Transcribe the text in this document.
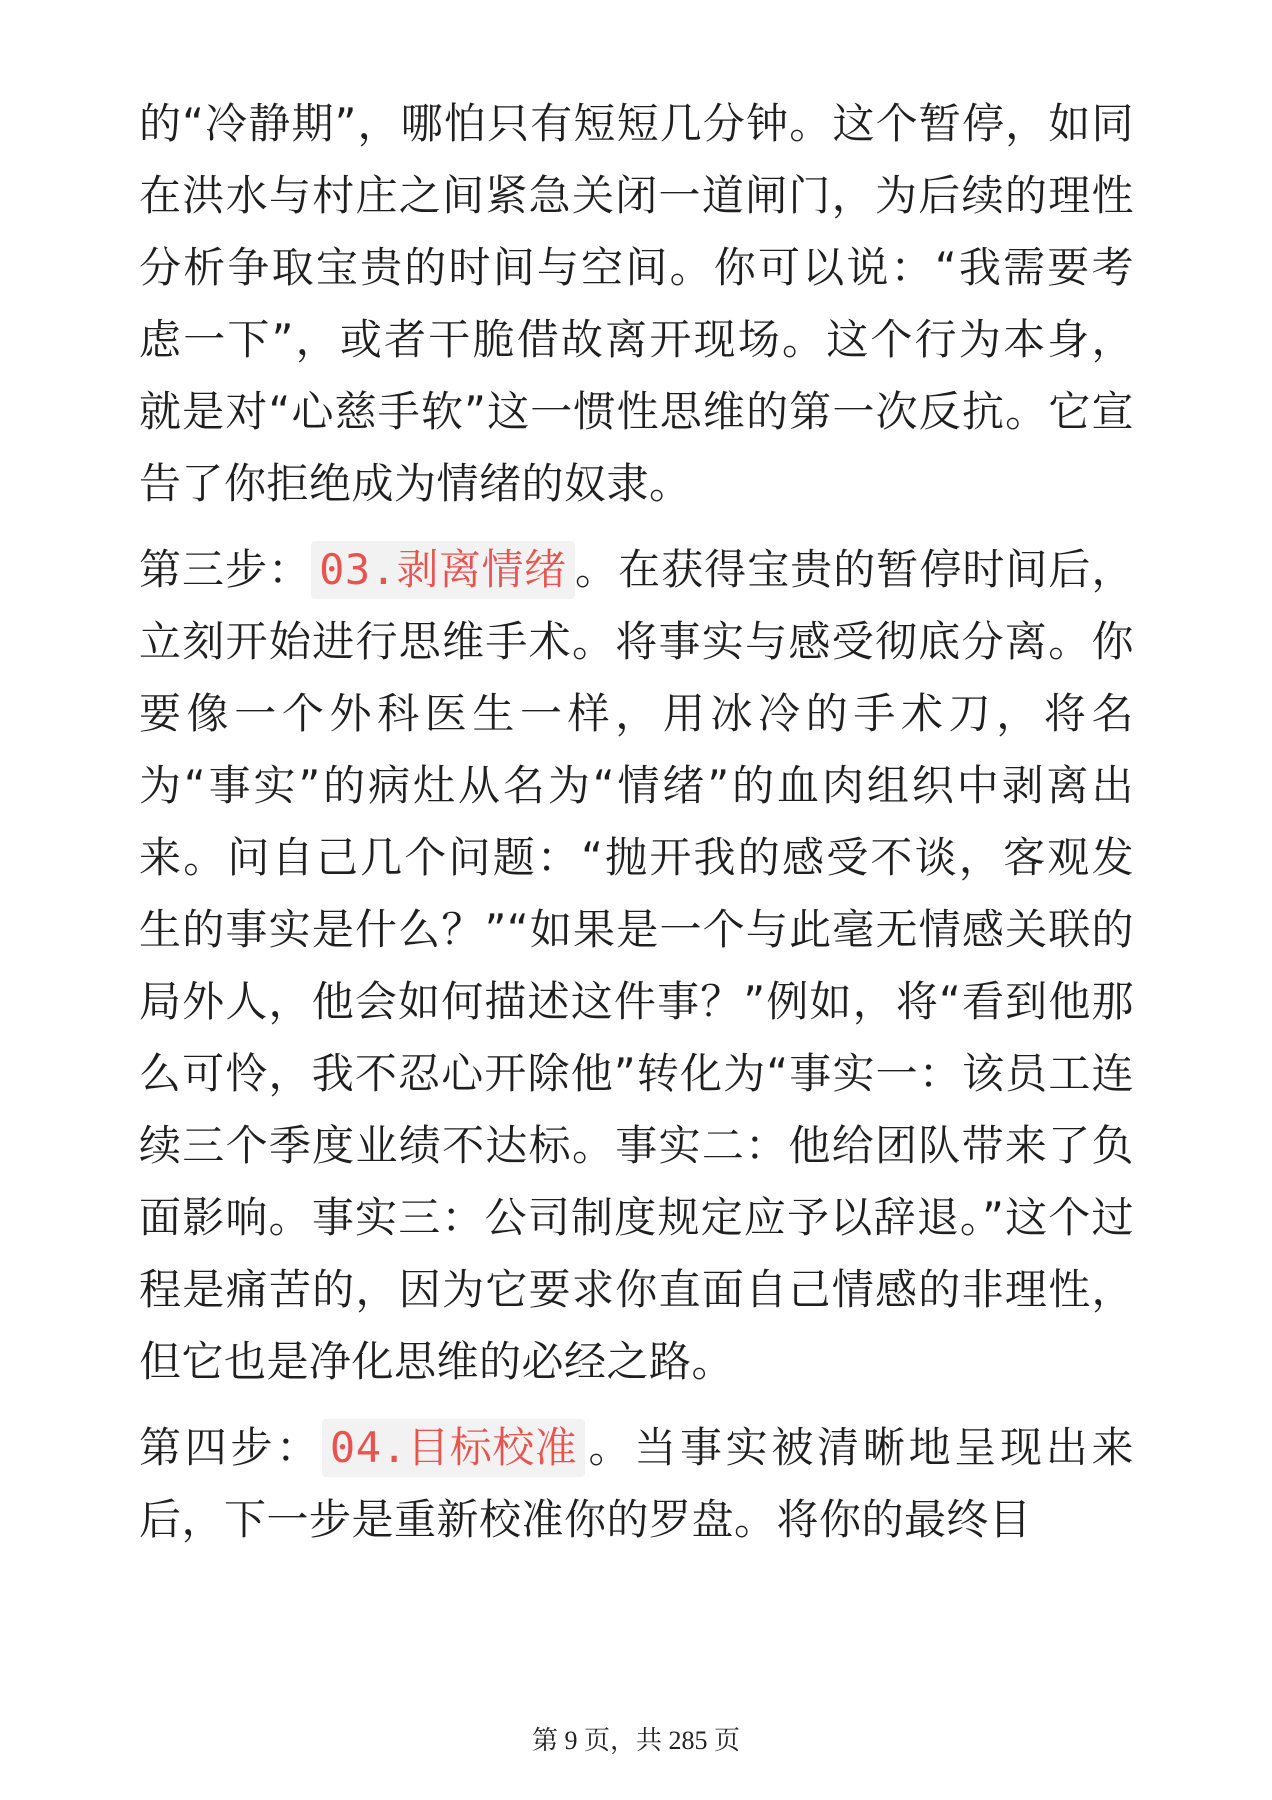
的“冷静期”，哪怕只有短短几分钟。这个暂停，如同在洪水与村庄之间紧急关闭一道闸门，为后续的理性分析争取宝贵的时间与空间。你可以说：“我需要考虑一下”，或者干脆借故离开现场。这个行为本身，就是对“心慈手软”这一惯性思维的第一次反抗。它宣告了你拒绝成为情绪的奴隶。

第三步： 03.剥离情绪 。在获得宝贵的暂停时间后，立刻开始进行思维手术。将事实与感受彻底分离。你要像一个外科医生一样，用冰冷的手术刀，将名为“事实”的病灶从名为“情绪”的血肉组织中剥离出来。问自己几个问题：“抛开我的感受不谈，客观发生的事实是什么？”“如果是一个与此毫无情感关联的局外人，他会如何描述这件事？”例如，将“看到他那么可怜，我不忍心开除他”转化为“事实一：该员工连续三个季度业绩不达标。事实二：他给团队带来了负面影响。事实三：公司制度规定应予以辞退。”这个过程是痛苦的，因为它要求你直面自己情感的非理性，但它也是净化思维的必经之路。

第四步： 04.目标校准 。当事实被清晰地呈现出来后，下一步是重新校准你的罗盘。将你的最终目

第 9 页，共 285 页
